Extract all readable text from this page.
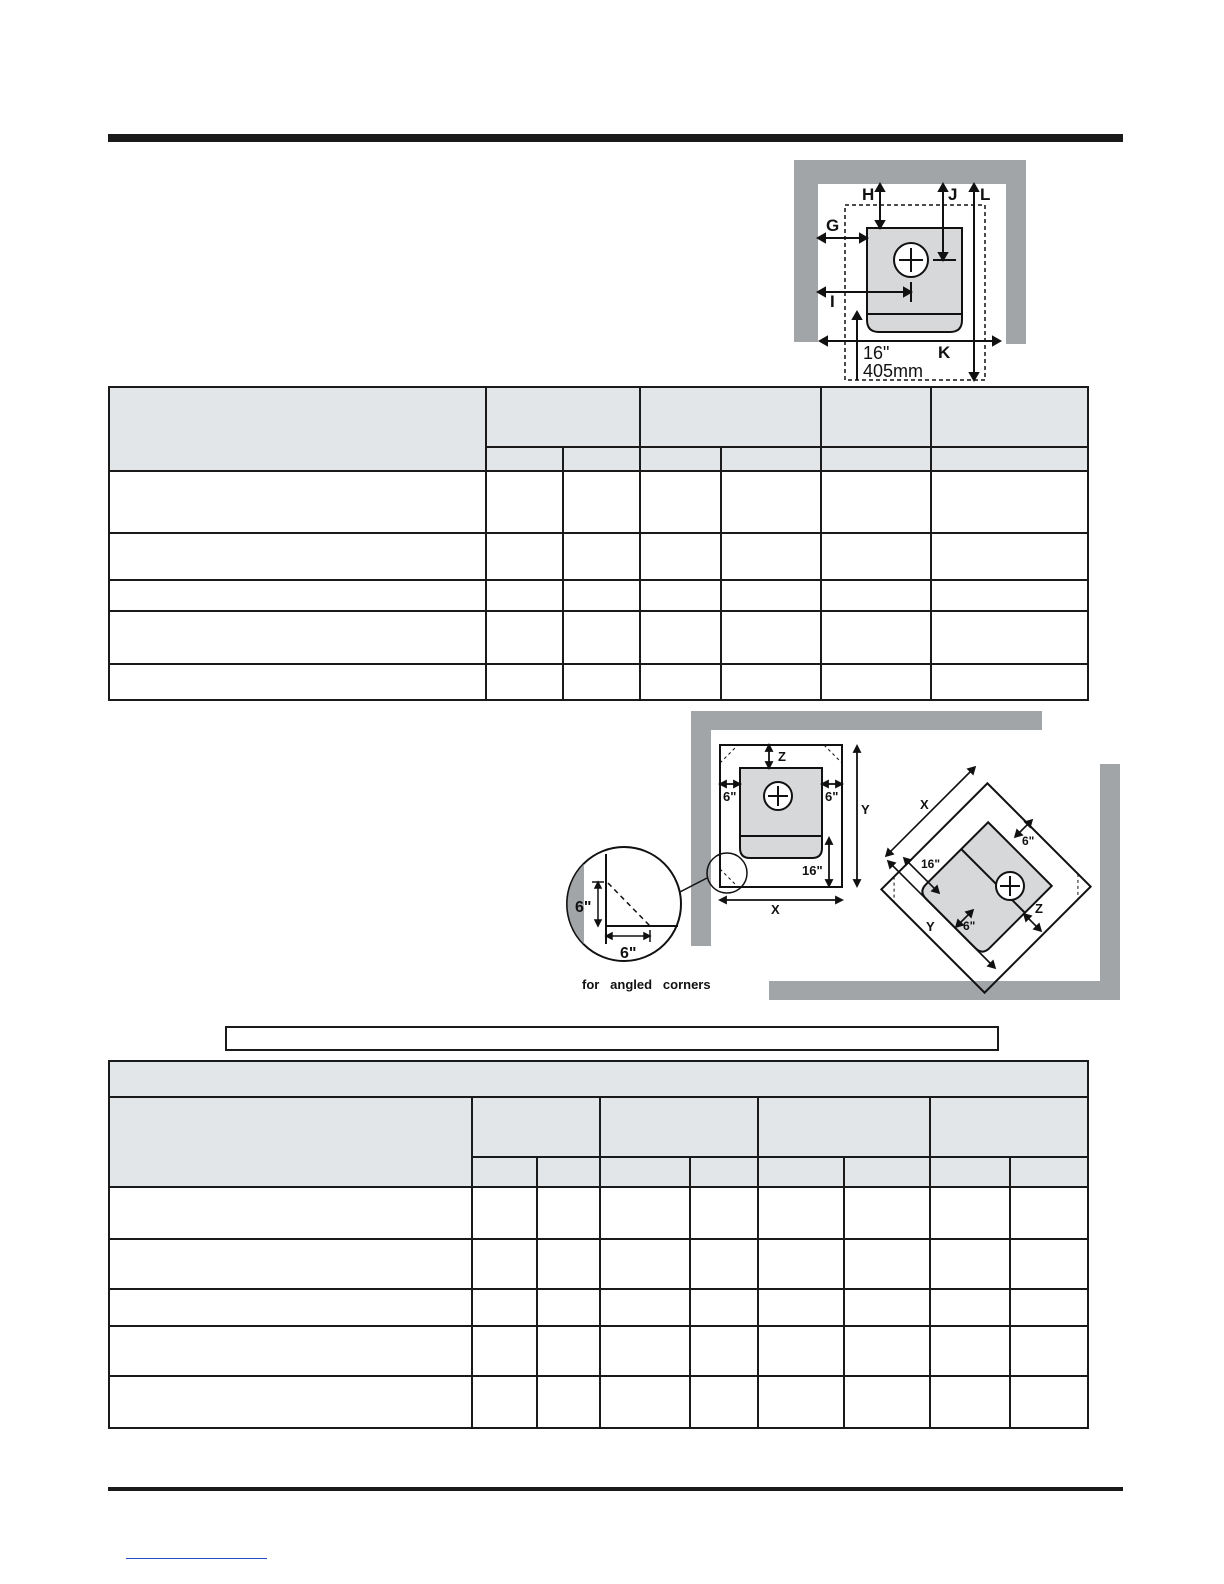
G
H	J L
I
K
16"
405mm

Z
6"	6"
Y
16"
X
6"
6"
for   angled   corners
X
Y
16"
6"
6"
Z
